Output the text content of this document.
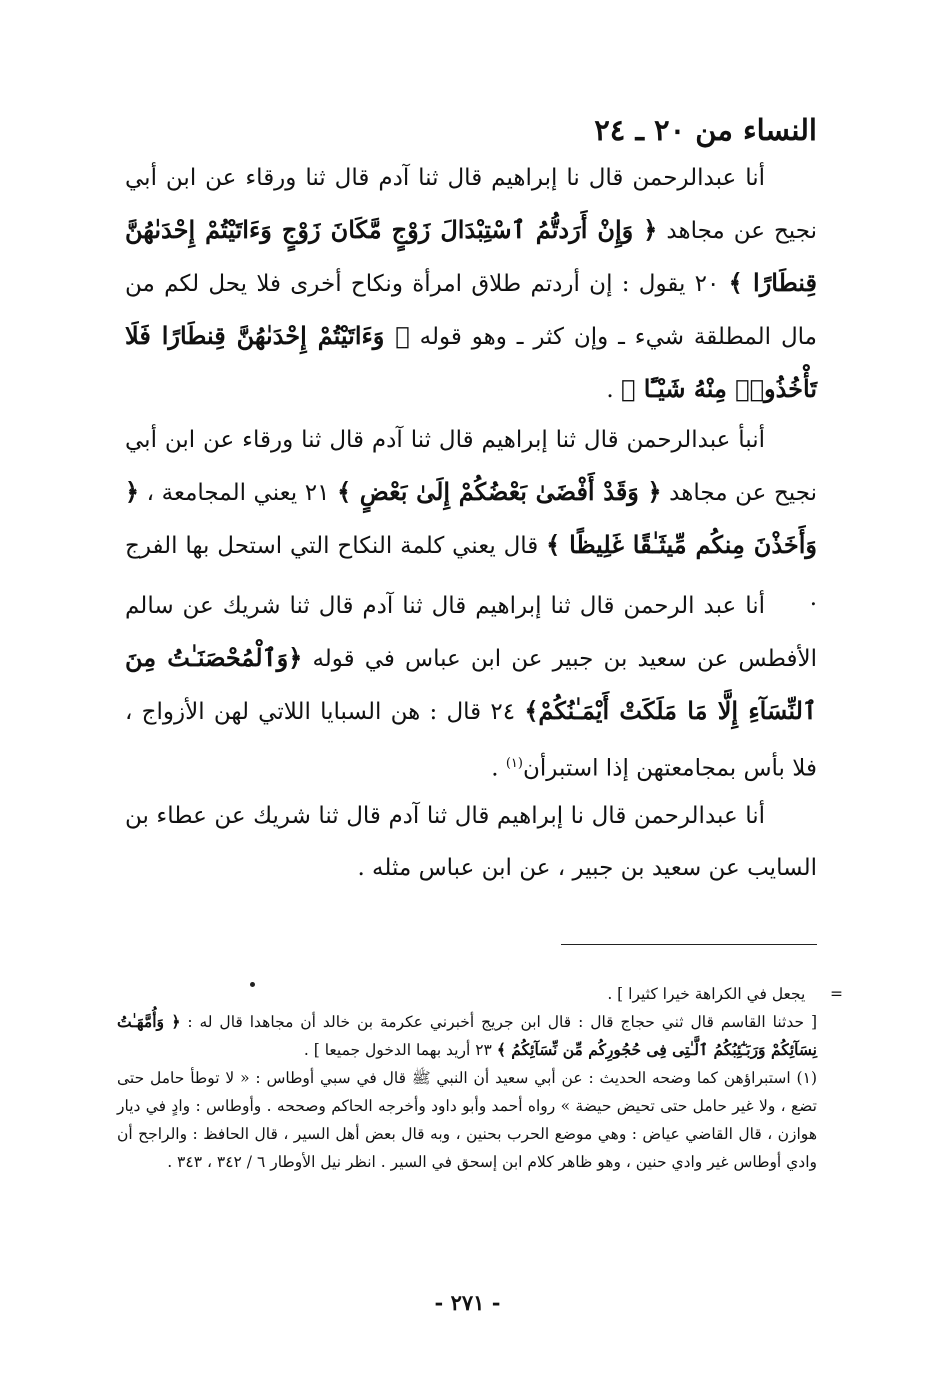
النساء من ٢٠ ـ ٢٤

أنا عبدالرحمن قال نا إبراهيم قال ثنا آدم قال ثنا ورقاء عن ابن أبي نجيح عن مجاهد ﴿ وَإِنْ أَرَدتُّمُ ٱسْتِبْدَالَ زَوْجٍ مَّكَانَ زَوْجٍ وَءَاتَيْتُمْ إِحْدَىٰهُنَّ قِنطَارًا ﴾ ٢٠ يقول : إن أردتم طلاق امرأة ونكاح أخرى فلا يحل لكم من مال المطلقة شيء ـ وإن كثر ـ وهو قوله ﴿ وَءَاتَيْتُمْ إِحْدَىٰهُنَّ قِنطَارًا فَلَا تَأْخُذُوا۟ مِنْهُ شَيْـًٔا ﴾ .

أنبأ عبدالرحمن قال ثنا إبراهيم قال ثنا آدم قال ثنا ورقاء عن ابن أبي نجيح عن مجاهد ﴿ وَقَدْ أَفْضَىٰ بَعْضُكُمْ إِلَىٰ بَعْضٍ ﴾ ٢١ يعني المجامعة ، ﴿ وَأَخَذْنَ مِنكُم مِّيثَـٰقًا غَلِيظًا ﴾ قال يعني كلمة النكاح التي استحل بها الفرج .

أنا عبد الرحمن قال ثنا إبراهيم قال ثنا آدم قال ثنا شريك عن سالم الأفطس عن سعيد بن جبير عن ابن عباس في قوله ﴿وَٱلْمُحْصَنَـٰتُ مِنَ ٱلنِّسَآءِ إِلَّا مَا مَلَكَتْ أَيْمَـٰنُكُمْ﴾ ٢٤ قال : هن السبايا اللاتي لهن الأزواج ، فلا بأس بمجامعتهن إذا استبرأن$^{(١)}$ .

أنا عبدالرحمن قال نا إبراهيم قال ثنا آدم قال ثنا شريك عن عطاء بن السايب عن سعيد بن جبير ، عن ابن عباس مثله .

=     يجعل في الكراهة خيرا كثيرا ] .

[ حدثنا القاسم قال ثني حجاج قال : قال ابن جريج أخبرني عكرمة بن خالد أن مجاهدا قال له : ﴿ وَأُمَّهَـٰتُ نِسَآئِكُمْ وَرَبَـٰٓئِبُكُمُ ٱلَّـٰتِى فِى حُجُورِكُم مِّن نِّسَآئِكُمُ ﴾ ٢٣ أريد بهما الدخول جميعا ] .

(١) استبراؤهن كما وضحه الحديث : عن أبي سعيد أن النبي ﷺ قال في سبي أوطاس : « لا توطأ حامل حتى تضع ، ولا غير حامل حتى تحيض حيضة » رواه أحمد وأبو داود وأخرجه الحاكم وصححه . وأوطاس : وادٍ في ديار هوازن ، قال القاضي عياض : وهي موضع الحرب بحنين ، وبه قال بعض أهل السير ، قال الحافظ : والراجح أن وادي أوطاس غير وادي حنين ، وهو ظاهر كلام ابن إسحق في السير . انظر نيل الأوطار ٦ / ٣٤٢ ، ٣٤٣ .

- ٢٧١ -
